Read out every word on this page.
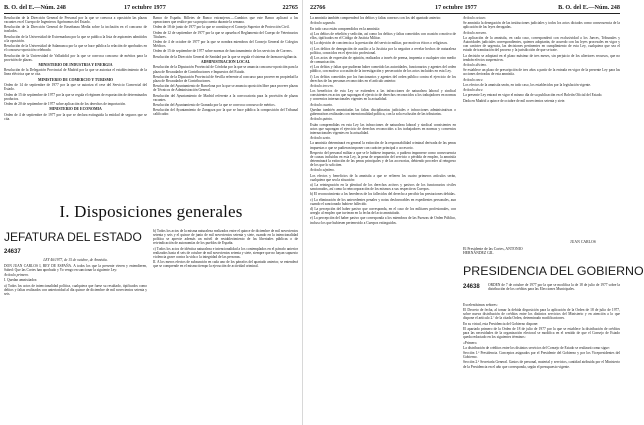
B. O. del E.—Núm. 248	17 octubre 1977	22765

Resolución de la Dirección General de Personal por la que se convoca a oposición las plazas vacantes en el Cuerpo de Ingenieros Agrónomos del Estado.

Resolución de la Dirección General de Enseñanza Media sobre la inclusión en el concurso de traslados.

Resolución de la Universidad de Extremadura por la que se publica la lista de aspirantes admitidos a la oposición.

Resolución de la Universidad de Salamanca por la que se hace pública la relación de aprobados en el concurso-oposición celebrado.

Resolución de la Universidad de Valladolid por la que se convoca concurso de méritos para la provisión de plazas.

MINISTERIO DE INDUSTRIA Y ENERGIA

Resolución de la Delegación Provincial de Madrid por la que se autoriza el establecimiento de la línea eléctrica que se cita.

MINISTERIO DE COMERCIO Y TURISMO

Orden de 14 de septiembre de 1977 por la que se autoriza el cese del Servicio Comercial del Estado.

Orden de 15 de septiembre de 1977 por la que se regula el régimen de exportación de determinados productos.

Orden de 20 de septiembre de 1977 sobre aplicación de los derechos de importación.

MINISTERIO DE ECONOMIA

Orden de 4 de septiembre de 1977 por la que se declara extinguida la entidad de seguros que se cita.

Banco de España. Billetes de Banco extranjeros.—Cambios que este Banco aplicará a las operaciones que realice por su propia cuenta durante la semana.

Orden de 18 de junio de 1977 por la que se constituye el Consejo Superior de Protección Civil.

Orden de 12 de septiembre de 1977 por la que se aprueba el Reglamento del Cuerpo de Veterinarios Titulares.

Orden de 4 de octubre de 1977 por la que se nombra miembros del Consejo General de Colegios Médicos.

Orden de 15 de septiembre de 1977 sobre normas de funcionamiento de los servicios de Correos.

Resolución de la Dirección General de Sanidad por la que se regula el sistema de farmacovigilancia.

ADMINISTRACION LOCAL

Resolución de la Diputación Provincial de Córdoba por la que se anuncia concurso-oposición para la plaza de Recaudador de Contribuciones e Impuestos del Estado.

Resolución de la Diputación Provincial de Sevilla referente al concurso para proveer en propiedad la plaza de Recaudador de Contribuciones.

Resolución del Ayuntamiento de Barcelona por la que se anuncia oposición libre para proveer plazas de Técnicos de Administración General.

Resolución del Ayuntamiento de Madrid referente a la convocatoria para la provisión de plazas vacantes.

Resolución del Ayuntamiento de Granada por la que se convoca concurso de méritos.

Resolución del Ayuntamiento de Zaragoza por la que se hace pública la composición del Tribunal calificador.

I. Disposiciones generales
JEFATURA DEL ESTADO
24637

LEY 46/1977, de 15 de octubre, de Amnistía.

DON JUAN CARLOS I, REY DE ESPAÑA. A todos los que la presente vieren y entendieren, Sabed: Que las Cortes han aprobado y Yo vengo en sancionar la siguiente Ley:

Artículo primero.

I. Quedan amnistiados:

a) Todos los actos de intencionalidad política, cualquiera que fuese su resultado, tipificados como delitos y faltas realizados con anterioridad al día quince de diciembre de mil novecientos setenta y seis.

b) Todos los actos de la misma naturaleza realizados entre el quince de diciembre de mil novecientos setenta y seis y el quince de junio de mil novecientos setenta y siete, cuando en la intencionalidad política se aprecie además un móvil de restablecimiento de las libertades públicas o de reivindicación de autonomías de los pueblos de España.

c) Todos los actos de idéntica naturaleza e intencionalidad a los contemplados en el párrafo anterior realizados hasta el seis de octubre de mil novecientos setenta y siete, siempre que no hayan supuesto violencia grave contra la vida o la integridad de las personas.

II. A los meros efectos de subsunción en cada uno de los párrafos del apartado anterior, se entenderá que se comprende en el mismo tiempo la ejecución de actividad criminal.

22766	17 octubre 1977	B. O. del E.—Núm. 248

La amnistía también comprenderá los delitos y faltas conexos con los del apartado anterior.

Artículo segundo.

En todo caso están comprendidos en la amnistía:

a) Los delitos de rebelión y sedición, así como los delitos y faltas cometidos con ocasión o motivo de ellos, tipificados en el Código de Justicia Militar.

b) La objeción de conciencia a la prestación del servicio militar, por motivos éticos o religiosos.

c) Los delitos de denegación de auxilio a la Justicia por la negativa a revelar hechos de naturaleza política, conocidos en el ejercicio profesional.

d) Los actos de expresión de opinión, realizados a través de prensa, imprenta o cualquier otro medio de comunicación.

e) Los delitos y faltas que pudieran haber cometido las autoridades, funcionarios y agentes del orden público, con motivo u ocasión de la investigación y persecución de los actos incluidos en esta Ley.

f) Los delitos cometidos por los funcionarios y agentes del orden público contra el ejercicio de los derechos de las personas reconocidos en el artículo anterior.

Artículo tercero.

Los beneficios de esta Ley se extienden a las infracciones de naturaleza laboral y sindical consistentes en actos que supongan el ejercicio de derechos reconocidos a los trabajadores en normas y convenios internacionales vigentes en la actualidad.

Artículo cuarto.

Quedan también amnistiadas las faltas disciplinarias judiciales e infracciones administrativas o gubernativas realizadas con intencionalidad política, con la sola exclusión de las tributarias.

Artículo quinto.

Están comprendidas en esta Ley las infracciones de naturaleza laboral y sindical consistentes en actos que supongan el ejercicio de derechos reconocidos a los trabajadores en normas y convenios internacionales vigentes en la actualidad.

Artículo sexto.

La amnistía determinará en general la extinción de la responsabilidad criminal derivada de las penas impuestas o que se pudieran imponer con carácter principal o accesorio.

Respecto del personal militar a que se le hubiese impuesto, o pudiera imponerse como consecuencia de causas incluidas en esta Ley, la pena de separación del servicio o pérdida de empleo, la amnistía determinará la extinción de las penas principales y de las accesorias, debiendo proceder al reingreso de los que lo soliciten.

Artículo séptimo.

Los efectos y beneficios de la amnistía a que se refieren los cuatro primeros artículos serán, cualquiera que sea la situación:

a) La reintegración en la plenitud de los derechos activos y pasivos de los funcionarios civiles sancionados, así como la reincorporación de los mismos a sus respectivos Cuerpos.

b) El reconocimiento a los herederos de los fallecidos del derecho a percibir las prestaciones debidas.

c) La eliminación de los antecedentes penales y notas desfavorables en expedientes personales, aun cuando el sancionado hubiese fallecido.

d) La percepción del haber pasivo que corresponda, en el caso de los militares profesionales, con arreglo al empleo que tuvieran en la fecha del acto amnistiado.

e) La percepción del haber pasivo que corresponda a los miembros de las Fuerzas de Orden Público, incluso los que hubiesen pertenecido a Cuerpos extinguidos.

Artículo octavo.

Se amnistía la denegación de las instituciones judiciales y todos los actos dictados como consecuencia de la aplicación de las leyes derogadas.

Artículo noveno.

La aplicación de la amnistía, en cada caso, corresponderá con exclusividad a los Jueces, Tribunales y Autoridades judiciales correspondientes, quienes adoptarán, de acuerdo con las leyes procesales en vigor y con carácter de urgencia, las decisiones pertinentes en cumplimiento de esta Ley, cualquiera que sea el estado de tramitación del proceso y la jurisdicción de que se trate.

La decisión se adoptará en el plazo máximo de tres meses, sin perjuicio de los ulteriores recursos, que no tendrán efectos suspensivos.

Artículo décimo.

Se establece un plazo de prescripción de tres años a partir de la entrada en vigor de la presente Ley para las acciones derivadas de esta amnistía.

Artículo once.

Los efectos de la amnistía serán, en todo caso, los establecidos por la legislación vigente.

Artículo doce.

La presente Ley entrará en vigor el mismo día de su publicación en el Boletín Oficial del Estado.

Dada en Madrid a quince de octubre de mil novecientos setenta y siete.

JUAN CARLOS
El Presidente de las Cortes, ANTONIO HERNÁNDEZ GIL
PRESIDENCIA DEL GOBIERNO
24638 ORDEN de 7 de octubre de 1977 por la que se modifica la de 18 de julio de 1977 sobre la distribución de los créditos para las Elecciones Municipales.

Excelentísimos señores:

El Decreto de fecha, al tomar la debida disposición para la aplicación de la Orden de 18 de julio de 1977, sobre nueva distribución de créditos entre los distintos servicios del Ministerio y en atención a lo que dispone el artículo 2.º de la citada Orden, determinado modificaciones.

En su virtud, esta Presidencia del Gobierno dispone:

El apartado primero de la Orden de 18 de julio de 1977 por la que se establece la distribución de créditos para las necesidades de la organización electoral se modifica en el sentido de que el Consejo de Estado queda redactado en los siguientes términos:

«Primero.

La distribución de créditos entre los distintos servicios del Consejo de Estado se realizará como sigue:

Sección 1.ª Presidencia. Conceptos asignados por el Presidente del Gobierno y por los Vicepresidentes del Gobierno.

Sección 2.ª Secretaría General. Gastos de personal, material y servicios, cantidad atribuida por el Ministerio de la Presidencia en el año que corresponda, según el presupuesto vigente.
